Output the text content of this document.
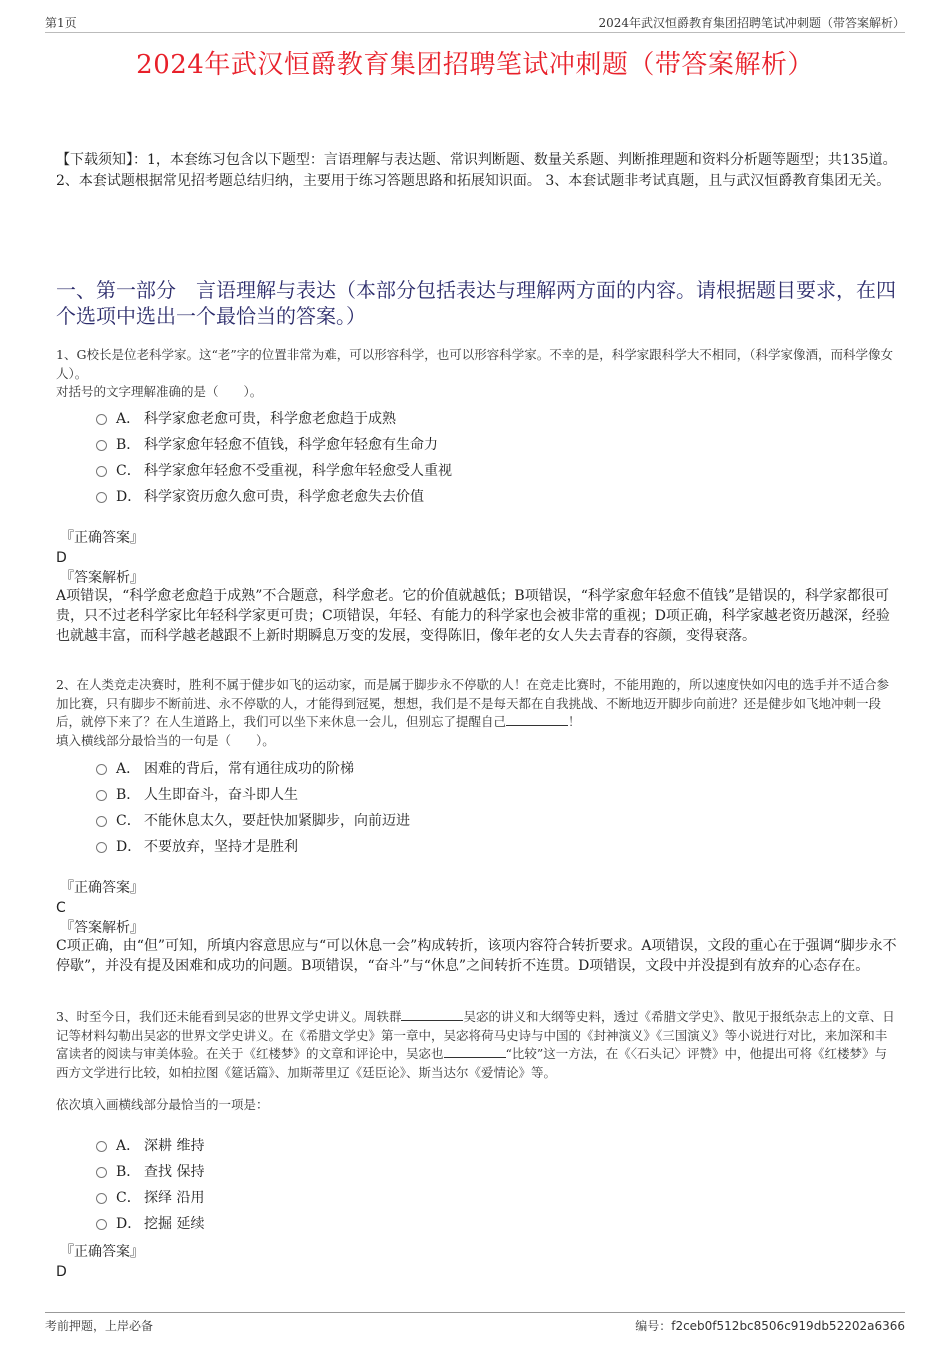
第1页	2024年武汉恒爵教育集团招聘笔试冲刺题（带答案解析）
2024年武汉恒爵教育集团招聘笔试冲刺题（带答案解析）
【下载须知】：1，本套练习包含以下题型：言语理解与表达题、常识判断题、数量关系题、判断推理题和资料分析题等题型；共135道。 2、本套试题根据常见招考题总结归纳，主要用于练习答题思路和拓展知识面。 3、本套试题非考试真题，且与武汉恒爵教育集团无关。
一、第一部分　言语理解与表达（本部分包括表达与理解两方面的内容。请根据题目要求，在四个选项中选出一个最恰当的答案。）
1、G校长是位老科学家。这“老”字的位置非常为难，可以形容科学，也可以形容科学家。不幸的是，科学家跟科学大不相同，（科学家像酒，而科学像女人）。
对括号的文字理解准确的是（　　）。
A． 科学家愈老愈可贵，科学愈老愈趋于成熟
B． 科学家愈年轻愈不值钱，科学愈年轻愈有生命力
C． 科学家愈年轻愈不受重视，科学愈年轻愈受人重视
D． 科学家资历愈久愈可贵，科学愈老愈失去价值
『正确答案』
D
『答案解析』
A项错误，“科学愈老愈趋于成熟”不合题意，科学愈老。它的价值就越低；B项错误，“科学家愈年轻愈不值钱”是错误的，科学家都很可贵，只不过老科学家比年轻科学家更可贵；C项错误，年轻、有能力的科学家也会被非常的重视；D项正确，科学家越老资历越深，经验也就越丰富，而科学越老越跟不上新时期瞬息万变的发展，变得陈旧，像年老的女人失去青春的容颜，变得衰落。
2、在人类竞走决赛时，胜利不属于健步如飞的运动家，而是属于脚步永不停歇的人！在竞走比赛时，不能用跑的，所以速度快如闪电的选手并不适合参加比赛，只有脚步不断前进、永不停歇的人，才能得到冠冕，想想，我们是不是每天都在自我挑战、不断地迈开脚步向前进？还是健步如飞地冲刺一段后，就停下来了？在人生道路上，我们可以坐下来休息一会儿，但别忘了提醒自己	！
填入横线部分最恰当的一句是（　　）。
A． 困难的背后，常有通往成功的阶梯
B． 人生即奋斗，奋斗即人生
C． 不能休息太久，要赶快加紧脚步，向前迈进
D． 不要放弃，坚持才是胜利
『正确答案』
C
『答案解析』
C项正确，由“但”可知，所填内容意思应与“可以休息一会”构成转折，该项内容符合转折要求。A项错误，文段的重心在于强调“脚步永不停歇”，并没有提及困难和成功的问题。B项错误，“奋斗”与“休息”之间转折不连贯。D项错误，文段中并没提到有放弃的心态存在。
3、时至今日，我们还未能看到吴宓的世界文学史讲义。周轶群	吴宓的讲义和大纲等史料，透过《希腊文学史》、散见于报纸杂志上的文章、日记等材料勾勒出吴宓的世界文学史讲义。在《希腊文学史》第一章中，吴宓将荷马史诗与中国的《封神演义》《三国演义》等小说进行对比，来加深和丰富读者的阅读与审美体验。在关于《红楼梦》的文章和评论中，吴宓也	“比较”这一方法，在《〈石头记〉评赞》中，他提出可将《红楼梦》与西方文学进行比较，如柏拉图《筵话篇》、加斯蒂里辽《廷臣论》、斯当达尔《爱情论》等。
依次填入画横线部分最恰当的一项是：
A． 深耕 维持
B． 查找 保持
C． 探绎 沿用
D． 挖掘 延续
『正确答案』
D
考前押题，上岸必备	编号：f2ceb0f512bc8506c919db52202a6366
